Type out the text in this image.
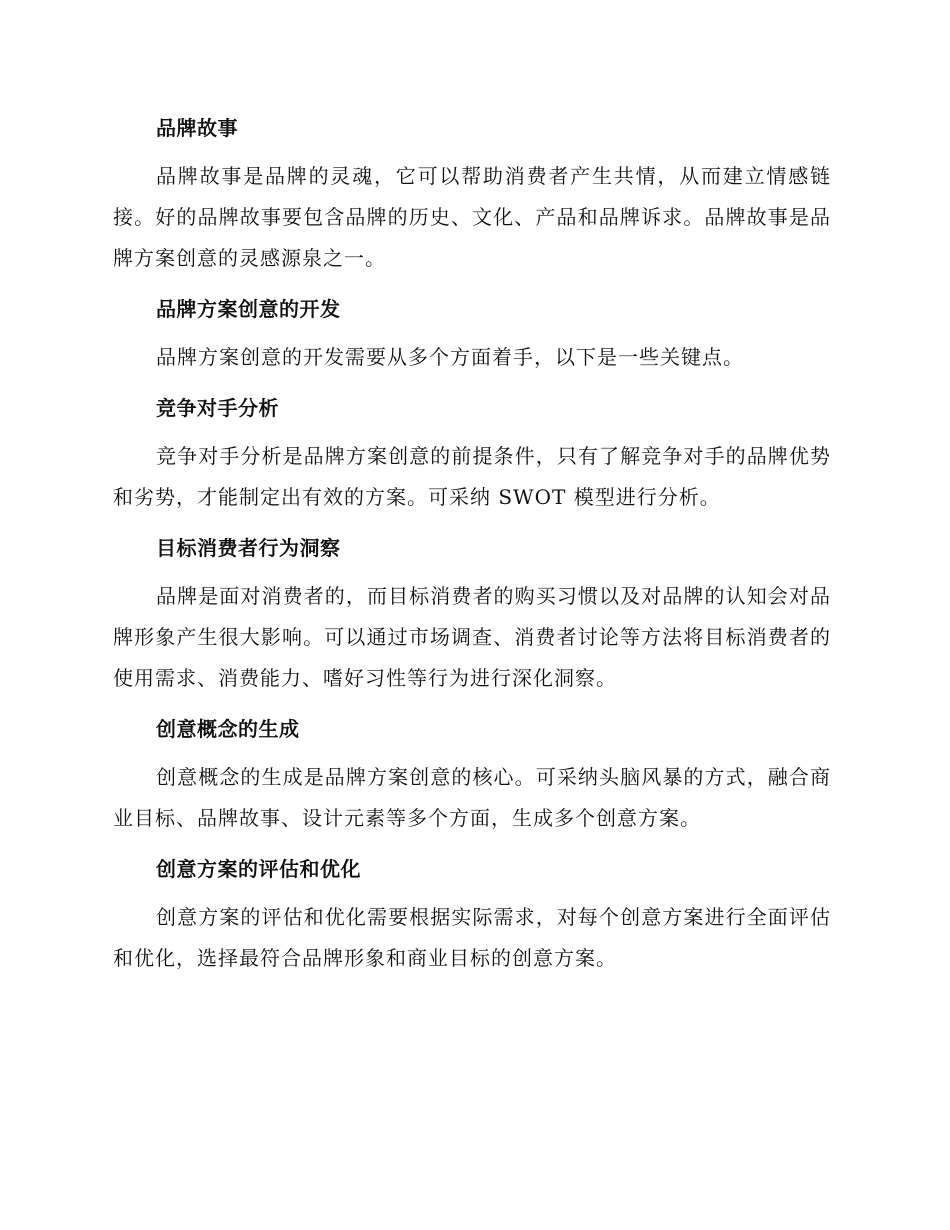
品牌故事

品牌故事是品牌的灵魂，它可以帮助消费者产生共情，从而建立情感链接。好的品牌故事要包含品牌的历史、文化、产品和品牌诉求。品牌故事是品牌方案创意的灵感源泉之一。

品牌方案创意的开发

品牌方案创意的开发需要从多个方面着手，以下是一些关键点。

竞争对手分析

竞争对手分析是品牌方案创意的前提条件，只有了解竞争对手的品牌优势和劣势，才能制定出有效的方案。可采纳 SWOT 模型进行分析。

目标消费者行为洞察

品牌是面对消费者的，而目标消费者的购买习惯以及对品牌的认知会对品牌形象产生很大影响。可以通过市场调查、消费者讨论等方法将目标消费者的使用需求、消费能力、嗜好习性等行为进行深化洞察。

创意概念的生成

创意概念的生成是品牌方案创意的核心。可采纳头脑风暴的方式，融合商业目标、品牌故事、设计元素等多个方面，生成多个创意方案。

创意方案的评估和优化

创意方案的评估和优化需要根据实际需求，对每个创意方案进行全面评估和优化，选择最符合品牌形象和商业目标的创意方案。
